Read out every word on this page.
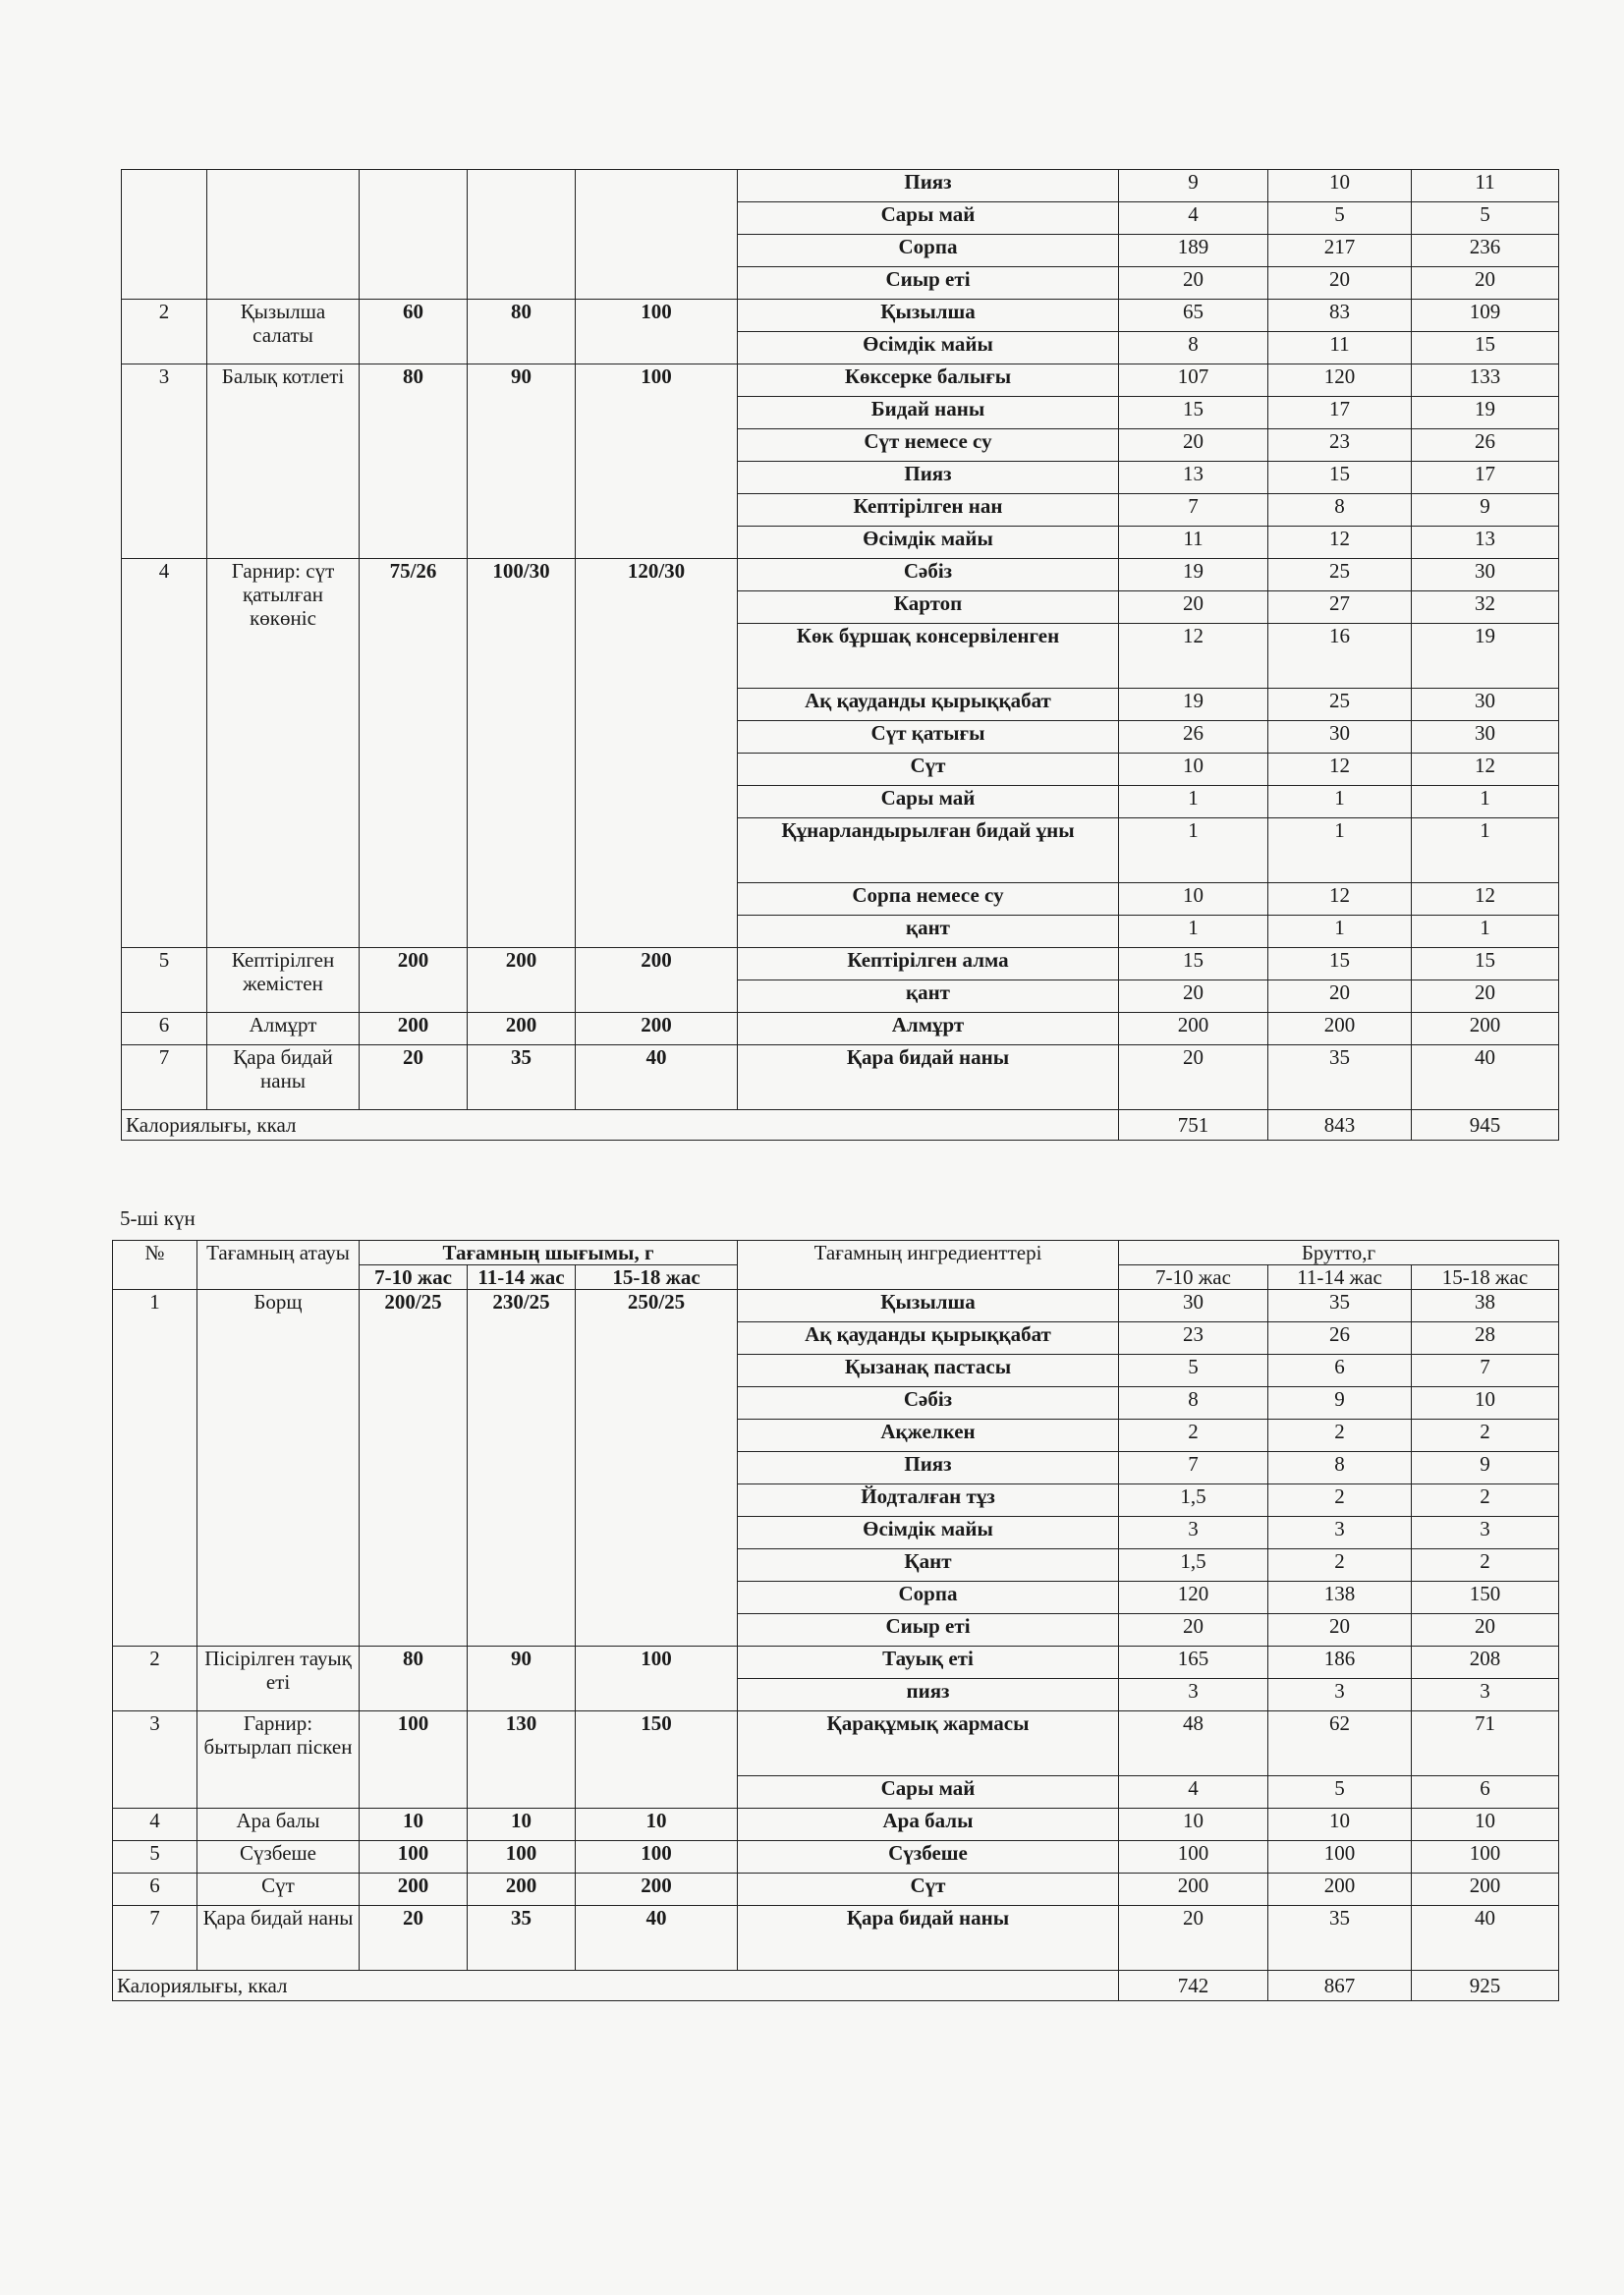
					Пияз	9	10	11
					Сары май	4	5	5
					Сорпа	189	217	236
					Сиыр еті	20	20	20
2	Қызылша салаты	60	80	100	Қызылша	65	83	109
					Өсімдік майы	8	11	15
3	Балық котлеті	80	90	100	Көксерке балығы	107	120	133
					Бидай наны	15	17	19
					Сүт немесе су	20	23	26
					Пияз	13	15	17
					Кептірілген нан	7	8	9
					Өсімдік майы	11	12	13
4	Гарнир: сүт қатылған көкөніс	75/26	100/30	120/30	Сәбіз	19	25	30
					Картоп	20	27	32
					Көк бұршақ консервіленген	12	16	19
					Ақ қауданды қырыққабат	19	25	30
					Сүт қатығы	26	30	30
					Сүт	10	12	12
					Сары май	1	1	1
					Құнарландырылған бидай ұны	1	1	1
					Сорпа немесе су	10	12	12
					қант	1	1	1
5	Кептірілген жемістен	200	200	200	Кептірілген алма	15	15	15
					қант	20	20	20
6	Алмұрт	200	200	200	Алмұрт	200	200	200
7	Қара бидай наны	20	35	40	Қара бидай наны	20	35	40
Калориялығы, ккал						751	843	945
5-ші күн
№	Тағамның атауы	Тағамның шығымы, г			Тағамның ингредиенттері	Брутто,г		
		7-10 жас	11-14 жас	15-18 жас		7-10 жас	11-14 жас	15-18 жас
1	Борщ	200/25	230/25	250/25	Қызылша	30	35	38
					Ақ қауданды қырыққабат	23	26	28
					Қызанақ пастасы	5	6	7
					Сәбіз	8	9	10
					Ақжелкен	2	2	2
					Пияз	7	8	9
					Йодталған тұз	1,5	2	2
					Өсімдік майы	3	3	3
					Қант	1,5	2	2
					Сорпа	120	138	150
					Сиыр еті	20	20	20
2	Пісірілген тауық еті	80	90	100	Тауық еті	165	186	208
					пияз	3	3	3
3	Гарнир: бытырлап піскен	100	130	150	Қарақұмық жармасы	48	62	71
					Сары май	4	5	6
4	Ара балы	10	10	10	Ара балы	10	10	10
5	Сүзбеше	100	100	100	Сүзбеше	100	100	100
6	Сүт	200	200	200	Сүт	200	200	200
7	Қара бидай наны	20	35	40	Қара бидай наны	20	35	40
Калориялығы, ккал						742	867	925
